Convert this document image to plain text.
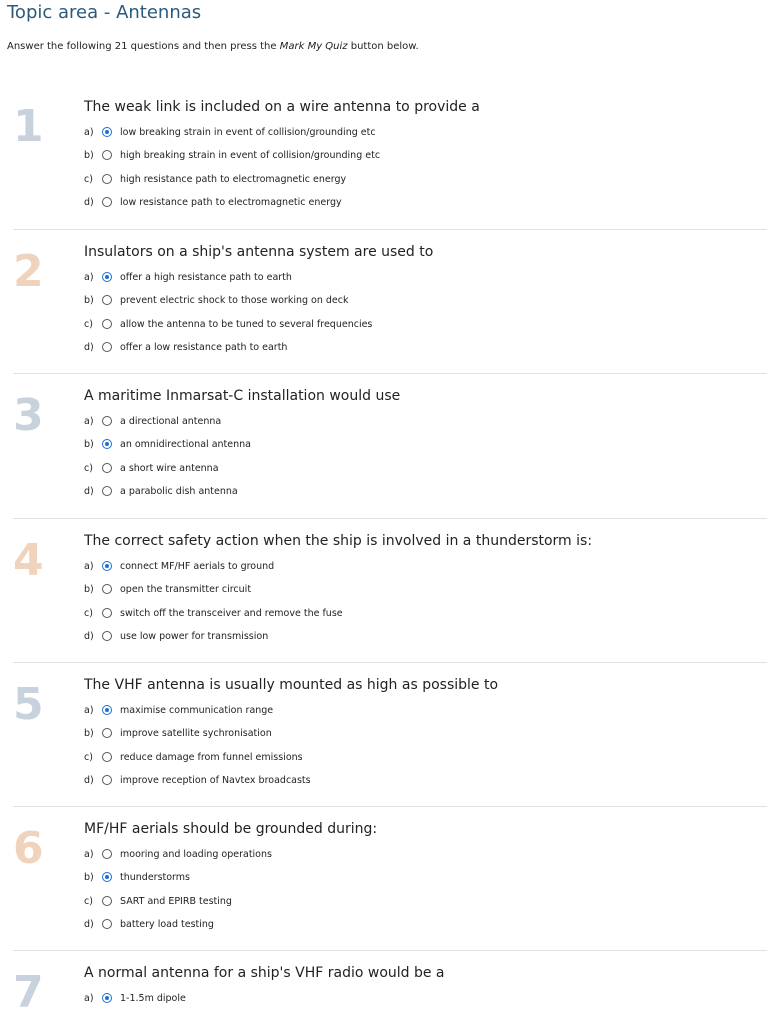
Topic area - Antennas
Answer the following 21 questions and then press the Mark My Quiz button below.
1	The weak link is included on a wire antenna to provide a
a)	low breaking strain in event of collision/grounding etc
b)	high breaking strain in event of collision/grounding etc
c)	high resistance path to electromagnetic energy
d)	low resistance path to electromagnetic energy
2	Insulators on a ship's antenna system are used to
a)	offer a high resistance path to earth
b)	prevent electric shock to those working on deck
c)	allow the antenna to be tuned to several frequencies
d)	offer a low resistance path to earth
3	A maritime Inmarsat-C installation would use
a)	a directional antenna
b)	an omnidirectional antenna
c)	a short wire antenna
d)	a parabolic dish antenna
4	The correct safety action when the ship is involved in a thunderstorm is:
a)	connect MF/HF aerials to ground
b)	open the transmitter circuit
c)	switch off the transceiver and remove the fuse
d)	use low power for transmission
5	The VHF antenna is usually mounted as high as possible to
a)	maximise communication range
b)	improve satellite sychronisation
c)	reduce damage from funnel emissions
d)	improve reception of Navtex broadcasts
6	MF/HF aerials should be grounded during:
a)	mooring and loading operations
b)	thunderstorms
c)	SART and EPIRB testing
d)	battery load testing
7	A normal antenna for a ship's VHF radio would be a
a)	1-1.5m dipole
